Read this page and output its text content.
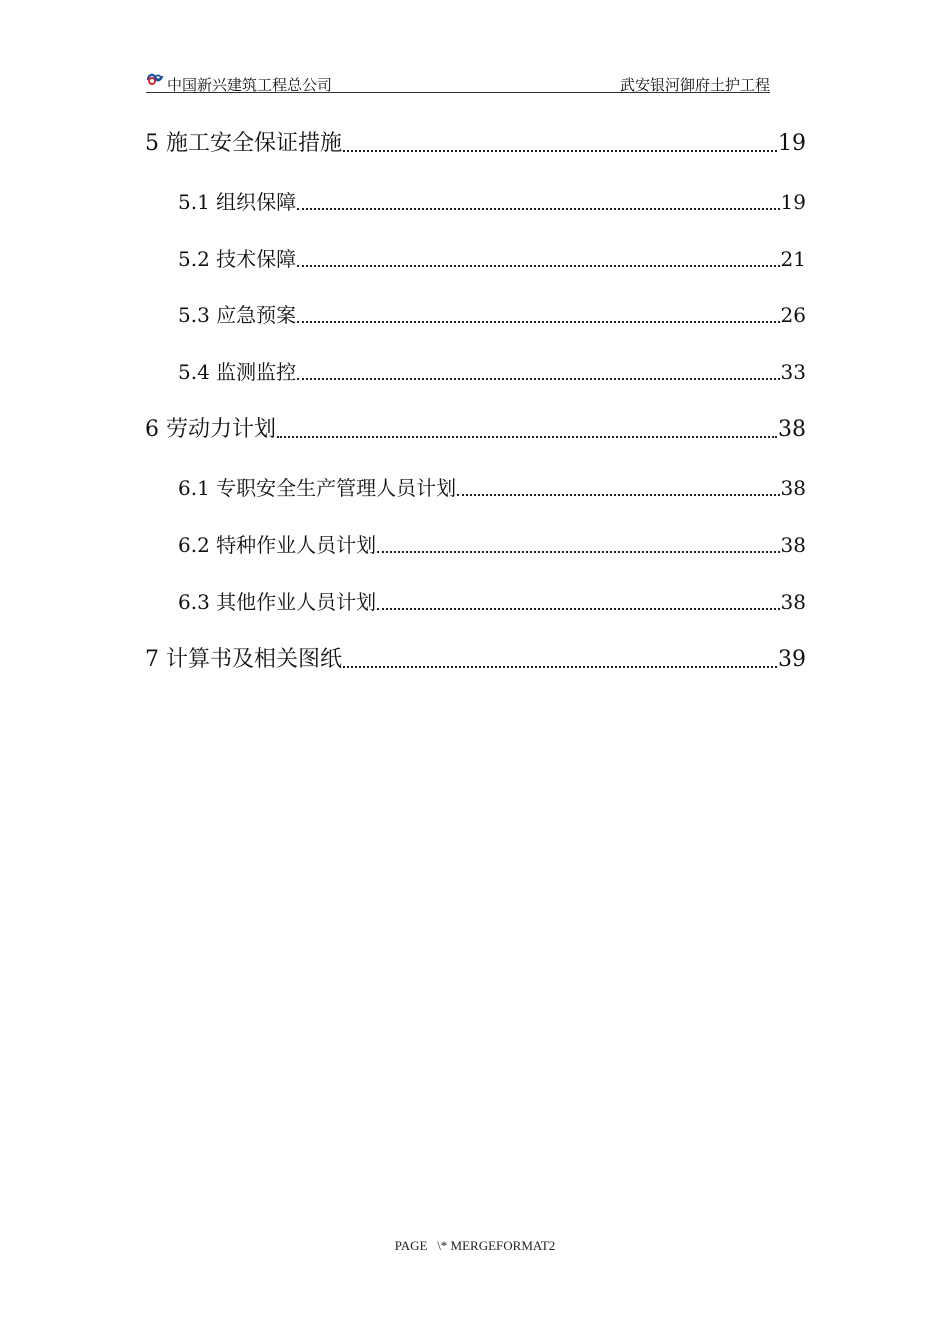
中国新兴建筑工程总公司	武安银河御府土护工程
5 施工安全保证措施	19
5.1 组织保障	19
5.2 技术保障	21
5.3 应急预案	26
5.4 监测监控	33
6 劳动力计划	38
6.1 专职安全生产管理人员计划	38
6.2 特种作业人员计划	38
6.3 其他作业人员计划	38
7 计算书及相关图纸	39
PAGE   \* MERGEFORMAT2
